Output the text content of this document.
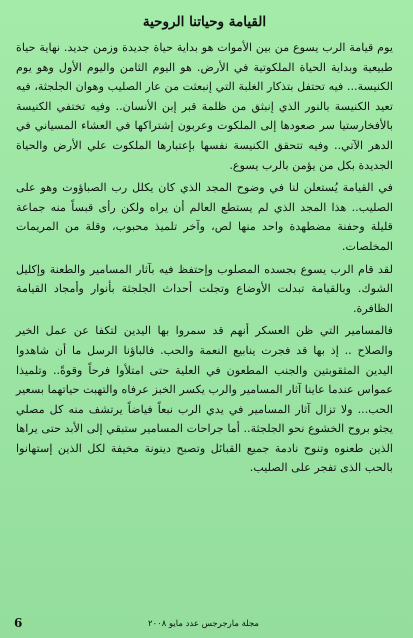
القيامة وحياتنا الروحية

يوم قيامة الرب يسوع من بين الأموات هو بداية حياة جديدة وزمن جديد. نهاية حياة طبيعية وبداية الحياة الملكوتية في الأرض. هو اليوم الثامن واليوم الأول وهو يوم الكنيسة... فيه تحتفل بتذكار الغلبة التي إنبعثت من عار الصليب وهوان الجلجثة، فيه تعيد الكنيسة بالنور الذي إنبثق من ظلمة قبر إبن الأنسان.. وفيه تختفي الكنيسة بالأفخارستيا سر صعودها إلى الملكوت وعربون إشتراكها في العشاء المسياني في الدهر الآتي.. وفيه تتحقق الكنيسة نفسها بإعتبارها الملكوت علي الأرض والحياة الجديدة بكل من يؤمن بالرب يسوع.

في القيامة يُستعلن لنا في وضوح المجد الذي كان يكلل رب الصباؤوت وهو على الصليب.. هذا المجد الذي لم يستطع العالم أن يراه ولكن رأى قبساً منه جماعة قليلة وحفنة مضطهدة واحد منها لص، وآخر تلميذ محبوب، وقلة من المريمات المخلصات.

لقد قام الرب يسوع بجسده المصلوب وإحتفظ فيه بآثار المسامير والطعنة وإكليل الشوك. وبالقيامة تبدلت الأوضاع وتجلت أحداث الجلجثة بأنوار وأمجاد القيامة الظافرة.

فالمسامير التي ظن العسكر أنهم قد سمروا بها اليدين لتكفا عن عمل الخير والصلاح .. إذ بها قد فجرت ينابيع النعمة والحب. فالباؤنا الرسل ما أن شاهدوا اليدين المثقوبتين والجنب المطعون في العلية حتى امتلأوا فرحاً وقوةً.. وتلميذا عمواس عندما عاينا آثار المسامير والرب يكسر الخبز عرفاه والتهبت حياتهما بسعير الحب... ولا تزال آثار المسامير في يدي الرب نبعاً فياضاً يرتشف منه كل مصلي يجثو بروح الخشوع نحو الجلجثة.. أما جراحات المسامير ستبقي إلى الأبد حتى يراها الذين طعنوه وتنوح نادمة جميع القبائل وتصبح دينونة مخيفة لكل الذين إستهانوا بالحب الذى تفجر على الصليب.

6	مجلة مارجرجس عدد مايو ٢٠٠٨
